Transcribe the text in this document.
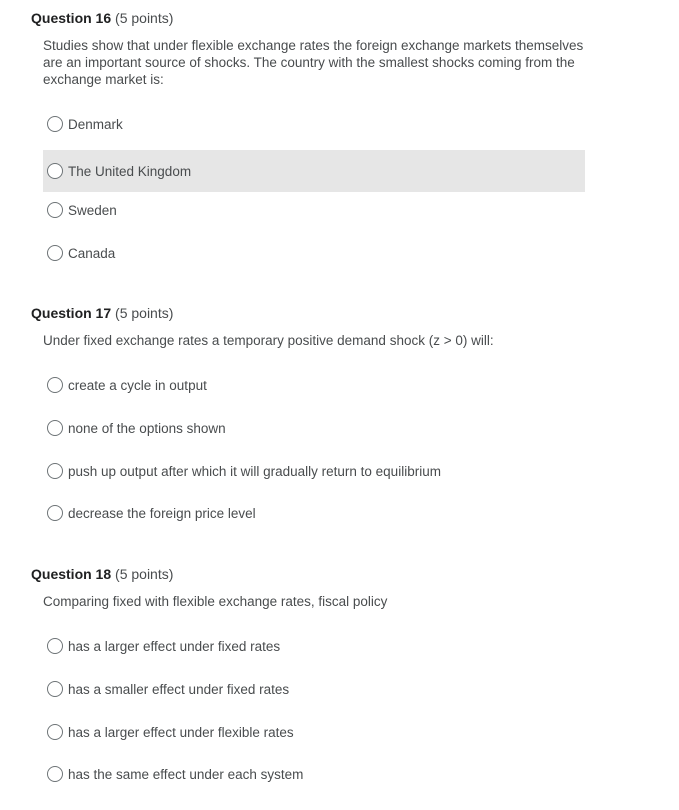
Question 16 (5 points)
Studies show that under flexible exchange rates the foreign exchange markets themselves are an important source of shocks. The country with the smallest shocks coming from the exchange market is:
Denmark
The United Kingdom
Sweden
Canada
Question 17 (5 points)
Under fixed exchange rates a temporary positive demand shock (z > 0) will:
create a cycle in output
none of the options shown
push up output after which it will gradually return to equilibrium
decrease the foreign price level
Question 18 (5 points)
Comparing fixed with flexible exchange rates, fiscal policy
has a larger effect under fixed rates
has a smaller effect under fixed rates
has a larger effect under flexible rates
has the same effect under each system
